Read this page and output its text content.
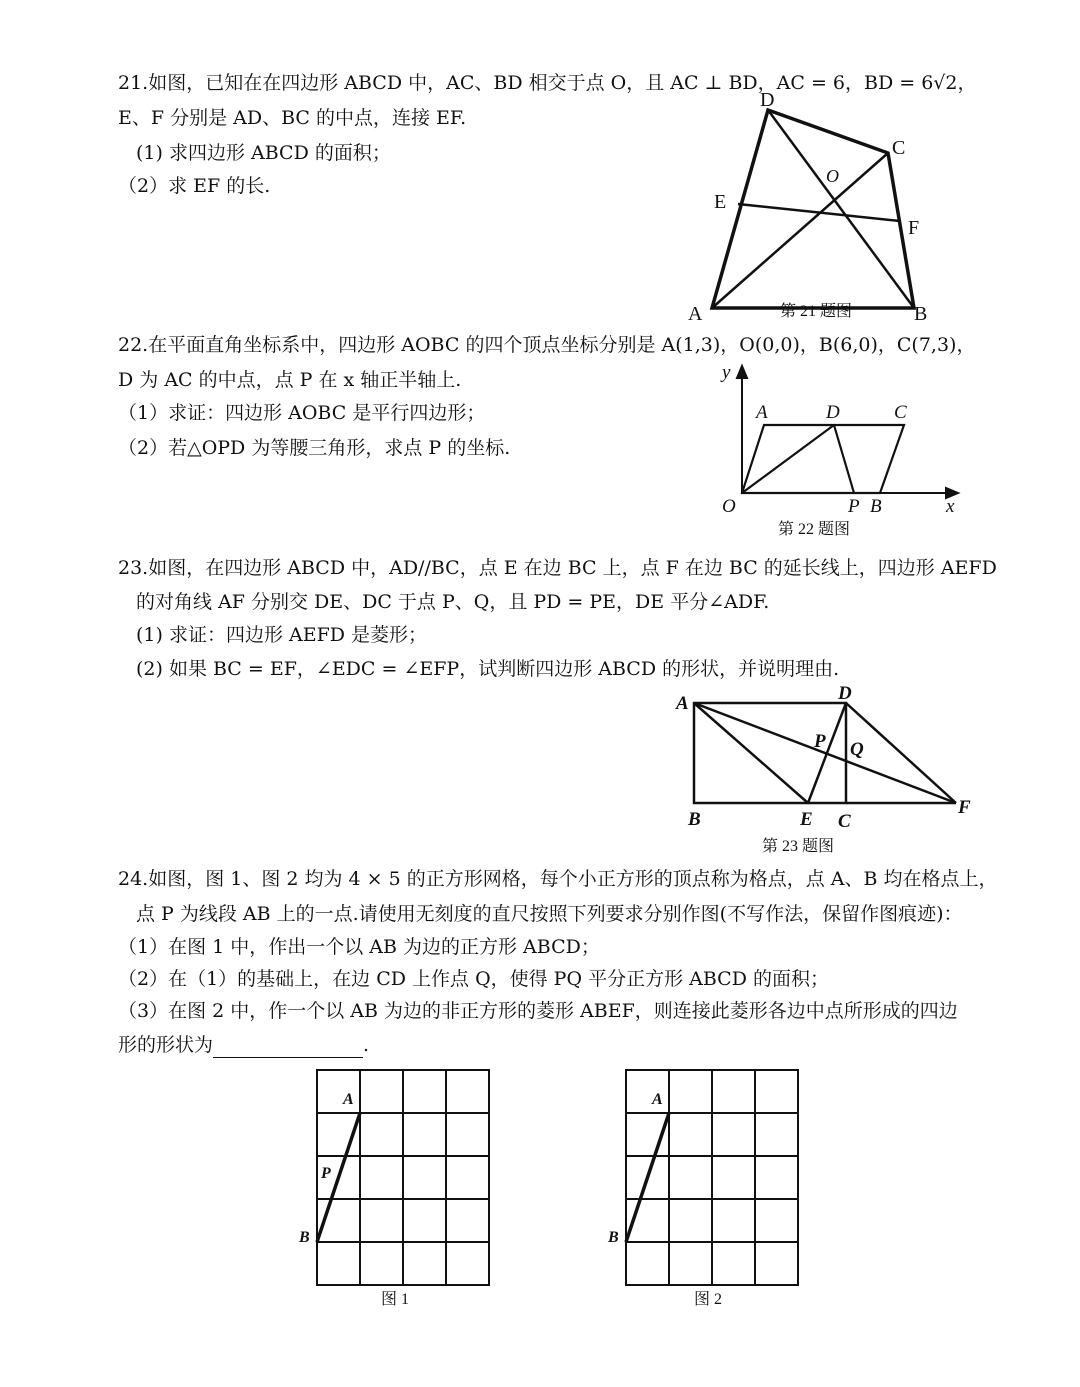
21.如图，已知在在四边形 ABCD 中，AC、BD 相交于点 O，且 AC ⊥ BD，AC = 6，BD = 6√2，
E、F 分别是 AD、BC 的中点，连接 EF.
(1) 求四边形 ABCD 的面积；
（2）求 EF 的长.
D
C
O
E
F
A	B
第 21 题图
22.在平面直角坐标系中，四边形 AOBC 的四个顶点坐标分别是 A(1,3)，O(0,0)，B(6,0)，C(7,3)，
D 为 AC 的中点，点 P 在 x 轴正半轴上.
（1）求证：四边形 AOBC 是平行四边形；
（2）若△OPD 为等腰三角形，求点 P 的坐标.
y
A	D	C
O	P B	x
第 22 题图
23.如图，在四边形 ABCD 中，AD//BC，点 E 在边 BC 上，点 F 在边 BC 的延长线上，四边形 AEFD
的对角线 AF 分别交 DE、DC 于点 P、Q，且 PD = PE，DE 平分∠ADF.
(1) 求证：四边形 AEFD 是菱形；
(2) 如果 BC = EF，∠EDC = ∠EFP，试判断四边形 ABCD 的形状，并说明理由.
A	D
P Q
B	E C
F
第 23 题图
24.如图，图 1、图 2 均为 4 × 5 的正方形网格，每个小正方形的顶点称为格点，点 A、B 均在格点上，
点 P 为线段 AB 上的一点.请使用无刻度的直尺按照下列要求分别作图(不写作法，保留作图痕迹)：
（1）在图 1 中，作出一个以 AB 为边的正方形 ABCD；
（2）在（1）的基础上，在边 CD 上作点 Q，使得 PQ 平分正方形 ABCD 的面积；
（3）在图 2 中，作一个以 AB 为边的非正方形的菱形 ABEF，则连接此菱形各边中点所形成的四边
形的形状为	.
A
P
B
图 1
A
B
图 2
